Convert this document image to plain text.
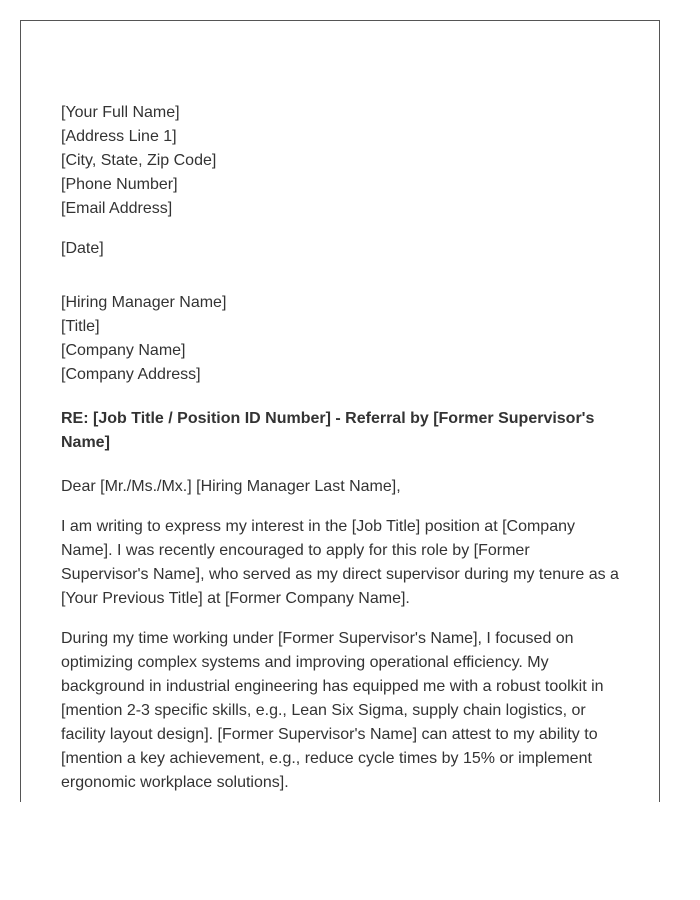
[Your Full Name]
[Address Line 1]
[City, State, Zip Code]
[Phone Number]
[Email Address]
[Date]
[Hiring Manager Name]
[Title]
[Company Name]
[Company Address]
RE: [Job Title / Position ID Number] - Referral by [Former Supervisor's
Name]
Dear [Mr./Ms./Mx.] [Hiring Manager Last Name],
I am writing to express my interest in the [Job Title] position at [Company
Name]. I was recently encouraged to apply for this role by [Former
Supervisor's Name], who served as my direct supervisor during my tenure as a
[Your Previous Title] at [Former Company Name].
During my time working under [Former Supervisor's Name], I focused on
optimizing complex systems and improving operational efficiency. My
background in industrial engineering has equipped me with a robust toolkit in
[mention 2-3 specific skills, e.g., Lean Six Sigma, supply chain logistics, or
facility layout design]. [Former Supervisor's Name] can attest to my ability to
[mention a key achievement, e.g., reduce cycle times by 15% or implement
ergonomic workplace solutions].
